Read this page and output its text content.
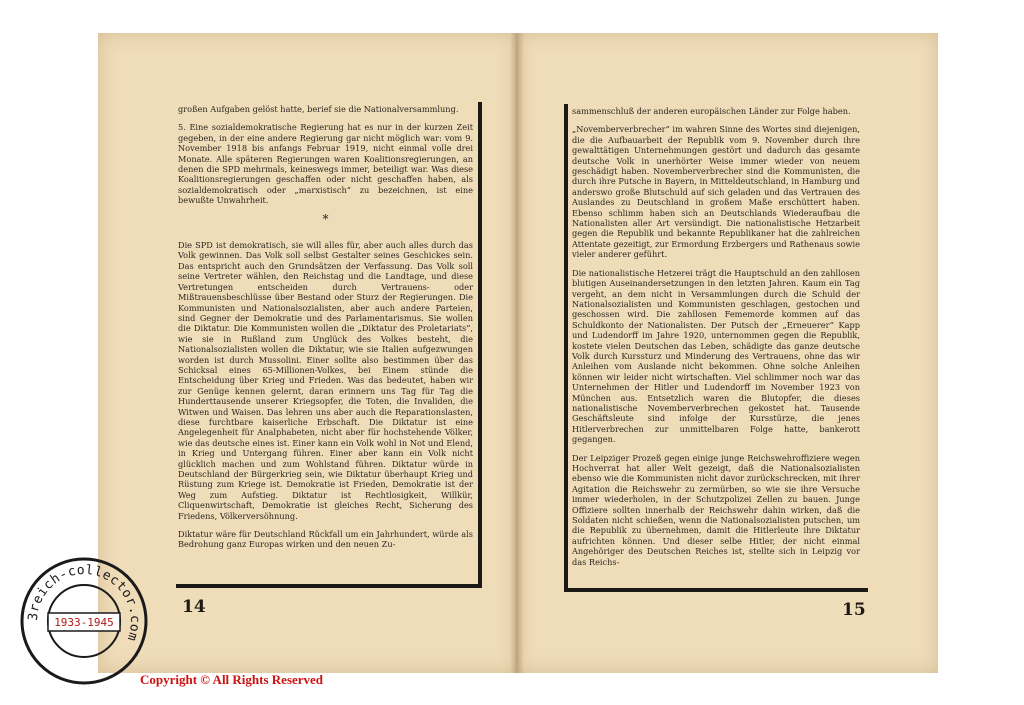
großen Aufgaben gelöst hatte, berief sie die Nationalversammlung.

5. Eine sozialdemokratische Regierung hat es nur in der kurzen Zeit gegeben, in der eine andere Regierung gar nicht möglich war: vom 9. November 1918 bis anfangs Februar 1919, nicht einmal volle drei Monate. Alle späteren Regierungen waren Koalitionsregierungen, an denen die SPD mehrmals, keineswegs immer, beteiligt war. Was diese Koalitionsregierungen geschaffen oder nicht geschaffen haben, als sozialdemokratisch oder „marxistisch“ zu bezeichnen, ist eine bewußte Unwahrheit.

*

Die SPD ist demokratisch, sie will alles für, aber auch alles durch das Volk gewinnen. Das Volk soll selbst Gestalter seines Geschickes sein. Das entspricht auch den Grundsätzen der Verfassung. Das Volk soll seine Vertreter wählen, den Reichstag und die Landtage, und diese Vertretungen entscheiden durch Vertrauens- oder Mißtrauensbeschlüsse über Bestand oder Sturz der Regierungen. Die Kommunisten und Nationalsozialisten, aber auch andere Parteien, sind Gegner der Demokratie und des Parlamentarismus. Sie wollen die Diktatur. Die Kommunisten wollen die „Diktatur des Proletariats“, wie sie in Rußland zum Unglück des Volkes besteht, die Nationalsozialisten wollen die Diktatur, wie sie Italien aufgezwungen worden ist durch Mussolini. Einer sollte also bestimmen über das Schicksal eines 65-Millionen-Volkes, bei Einem stünde die Entscheidung über Krieg und Frieden. Was das bedeutet, haben wir zur Genüge kennen gelernt, daran erinnern uns Tag für Tag die Hunderttausende unserer Kriegsopfer, die Toten, die Invaliden, die Witwen und Waisen. Das lehren uns aber auch die Reparationslasten, diese furchtbare kaiserliche Erbschaft. Die Diktatur ist eine Angelegenheit für Analphabeten, nicht aber für hochstehende Völker, wie das deutsche eines ist. Einer kann ein Volk wohl in Not und Elend, in Krieg und Untergang führen. Einer aber kann ein Volk nicht glücklich machen und zum Wohlstand führen. Diktatur würde in Deutschland der Bürgerkrieg sein, wie Diktatur überhaupt Krieg und Rüstung zum Kriege ist. Demokratie ist Frieden, Demokratie ist der Weg zum Aufstieg. Diktatur ist Rechtlosigkeit, Willkür, Cliquenwirtschaft, Demokratie ist gleiches Recht, Sicherung des Friedens, Völkerversöhnung.

Diktatur wäre für Deutschland Rückfall um ein Jahrhundert, würde als Bedrohung ganz Europas wirken und den neuen Zu-

sammenschluß der anderen europäischen Länder zur Folge haben.

„Novemberverbrecher“ im wahren Sinne des Wortes sind diejenigen, die die Aufbauarbeit der Republik vom 9. November durch ihre gewalttätigen Unternehmungen gestört und dadurch das gesamte deutsche Volk in unerhörter Weise immer wieder von neuem geschädigt haben. Novemberverbrecher sind die Kommunisten, die durch ihre Putsche in Bayern, in Mitteldeutschland, in Hamburg und anderswo große Blutschuld auf sich geladen und das Vertrauen des Auslandes zu Deutschland in großem Maße erschüttert haben. Ebenso schlimm haben sich an Deutschlands Wiederaufbau die Nationalisten aller Art versündigt. Die nationalistische Hetzarbeit gegen die Republik und bekannte Republikaner hat die zahlreichen Attentate gezeitigt, zur Ermordung Erzbergers und Rathenaus sowie vieler anderer geführt.

Die nationalistische Hetzerei trägt die Hauptschuld an den zahllosen blutigen Auseinandersetzungen in den letzten Jahren. Kaum ein Tag vergeht, an dem nicht in Versammlungen durch die Schuld der Nationalsozialisten und Kommunisten geschlagen, gestochen und geschossen wird. Die zahllosen Fememorde kommen auf das Schuldkonto der Nationalisten. Der Putsch der „Erneuerer“ Kapp und Ludendorff im Jahre 1920, unternommen gegen die Republik, kostete vielen Deutschen das Leben, schädigte das ganze deutsche Volk durch Kurssturz und Minderung des Vertrauens, ohne das wir Anleihen vom Auslande nicht bekommen. Ohne solche Anleihen können wir leider nicht wirtschaften. Viel schlimmer noch war das Unternehmen der Hitler und Ludendorff im November 1923 von München aus. Entsetzlich waren die Blutopfer, die dieses nationalistische Novemberverbrechen gekostet hat. Tausende Geschäftsleute sind infolge der Kursstürze, die jenes Hitlerverbrechen zur unmittelbaren Folge hatte, bankerott gegangen.

Der Leipziger Prozeß gegen einige junge Reichswehroffiziere wegen Hochverrat hat aller Welt gezeigt, daß die Nationalsozialisten ebenso wie die Kommunisten nicht davor zurückschrecken, mit ihrer Agitation die Reichswehr zu zermürben, so wie sie ihre Versuche immer wiederholen, in der Schutzpolizei Zellen zu bauen. Junge Offiziere sollten innerhalb der Reichswehr dahin wirken, daß die Soldaten nicht schießen, wenn die Nationalsozialisten putschen, um die Republik zu übernehmen, damit die Hitlerleute ihre Diktatur aufrichten können. Und dieser selbe Hitler, der nicht einmal Angehöriger des Deutschen Reiches ist, stellte sich in Leipzig vor das Reichs-

14	15
3reich-collector.com
1933-1945
Copyright © All Rights Reserved
